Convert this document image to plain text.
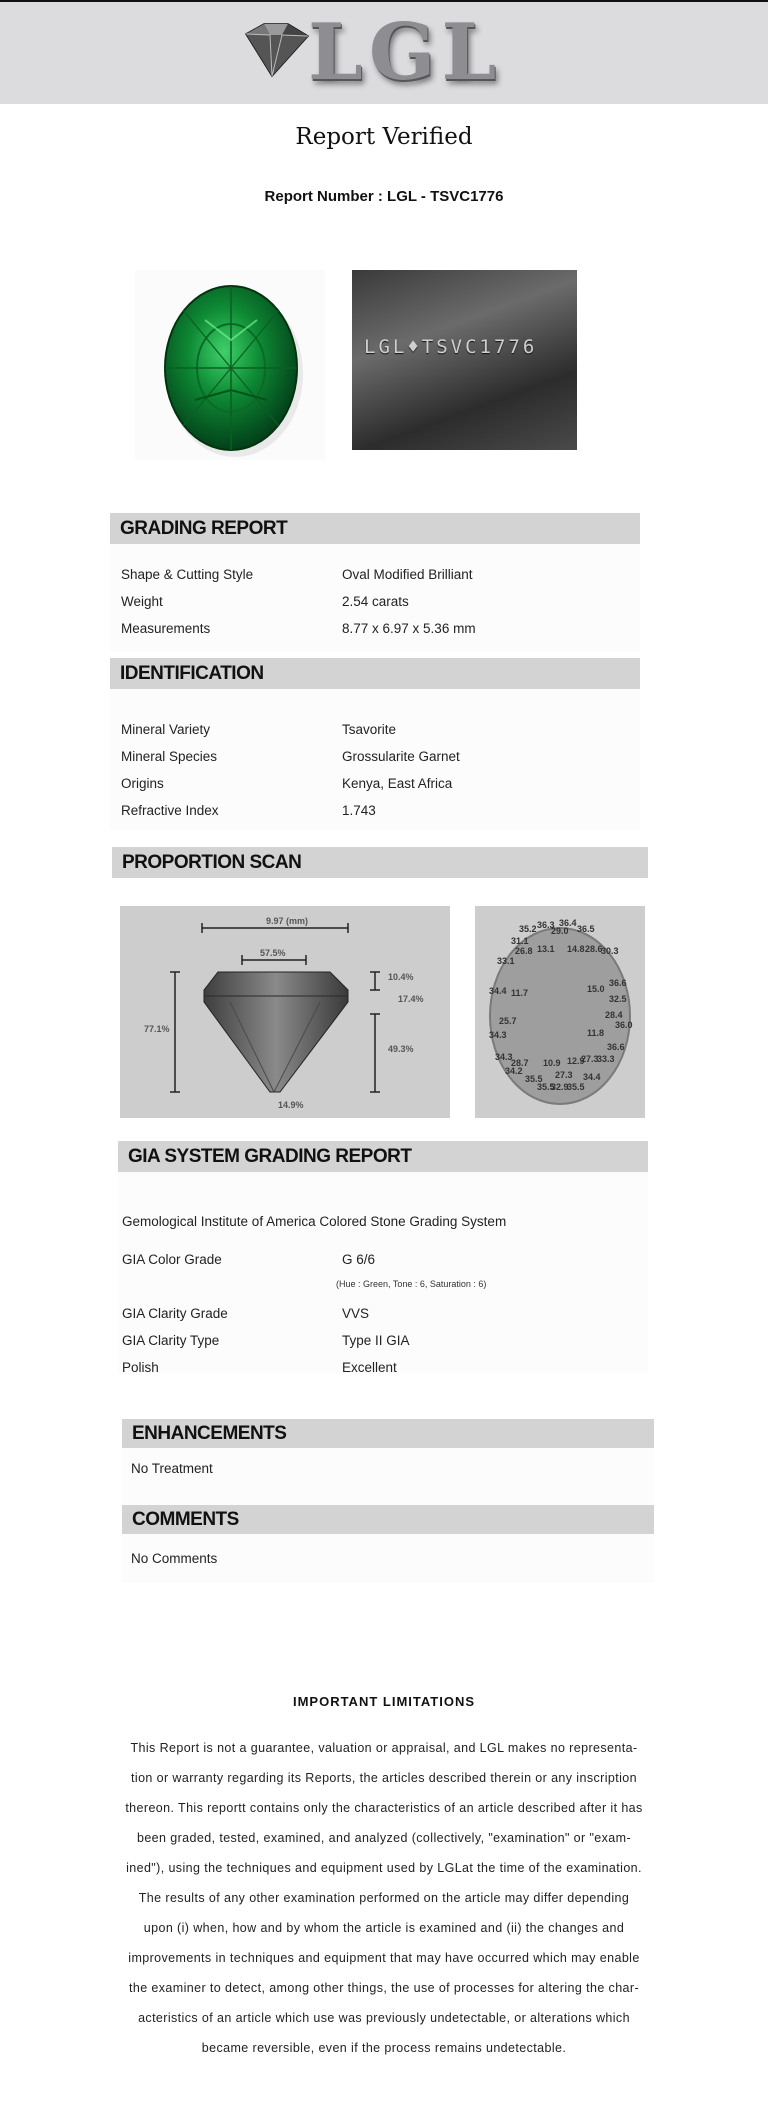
LGL
Report Verified
Report Number : LGL - TSVC1776
LGL♦TSVC1776
GRADING REPORT
Shape & Cutting Style	Oval Modified Brilliant
Weight	2.54 carats
Measurements	8.77 x 6.97 x 5.36 mm
IDENTIFICATION
Mineral Variety	Tsavorite
Mineral Species	Grossularite Garnet
Origins	Kenya, East Africa
Refractive Index	1.743
PROPORTION SCAN
9.97 (mm)
57.5%
10.4%
17.4%
77.1%
49.3%
14.9%
35.2 36.3 36.4
36.5
31.1
29.0
26.8 13.1 14.8 28.6
30.3
33.1
34.4 11.7	15.0
36.6
32.5
25.7
28.4
34.3	11.8
36.0
36.6
34.3
28.7 10.9 12.9
27.3
33.3
35.5 27.3 34.4
35.5
32.9
35.5
34.2
GIA SYSTEM GRADING REPORT
Gemological Institute of America Colored Stone Grading System
GIA Color Grade	G 6/6
(Hue : Green, Tone : 6, Saturation : 6)
GIA Clarity Grade	VVS
GIA Clarity Type	Type II GIA
Polish	Excellent
ENHANCEMENTS
No Treatment
COMMENTS
No Comments
IMPORTANT LIMITATIONS
This Report is not a guarantee, valuation or appraisal, and LGL makes no representa-
tion or warranty regarding its Reports, the articles described therein or any inscription
thereon. This reportt contains only the characteristics of an article described after it has
been graded, tested, examined, and analyzed (collectively, "examination" or "exam-
ined"), using the techniques and equipment used by LGLat the time of the examination.
The results of any other examination performed on the article may differ depending
upon (i) when, how and by whom the article is examined and (ii) the changes and
improvements in techniques and equipment that may have occurred which may enable
the examiner to detect, among other things, the use of processes for altering the char-
acteristics of an article which use was previously undetectable, or alterations which
became reversible, even if the process remains undetectable.
